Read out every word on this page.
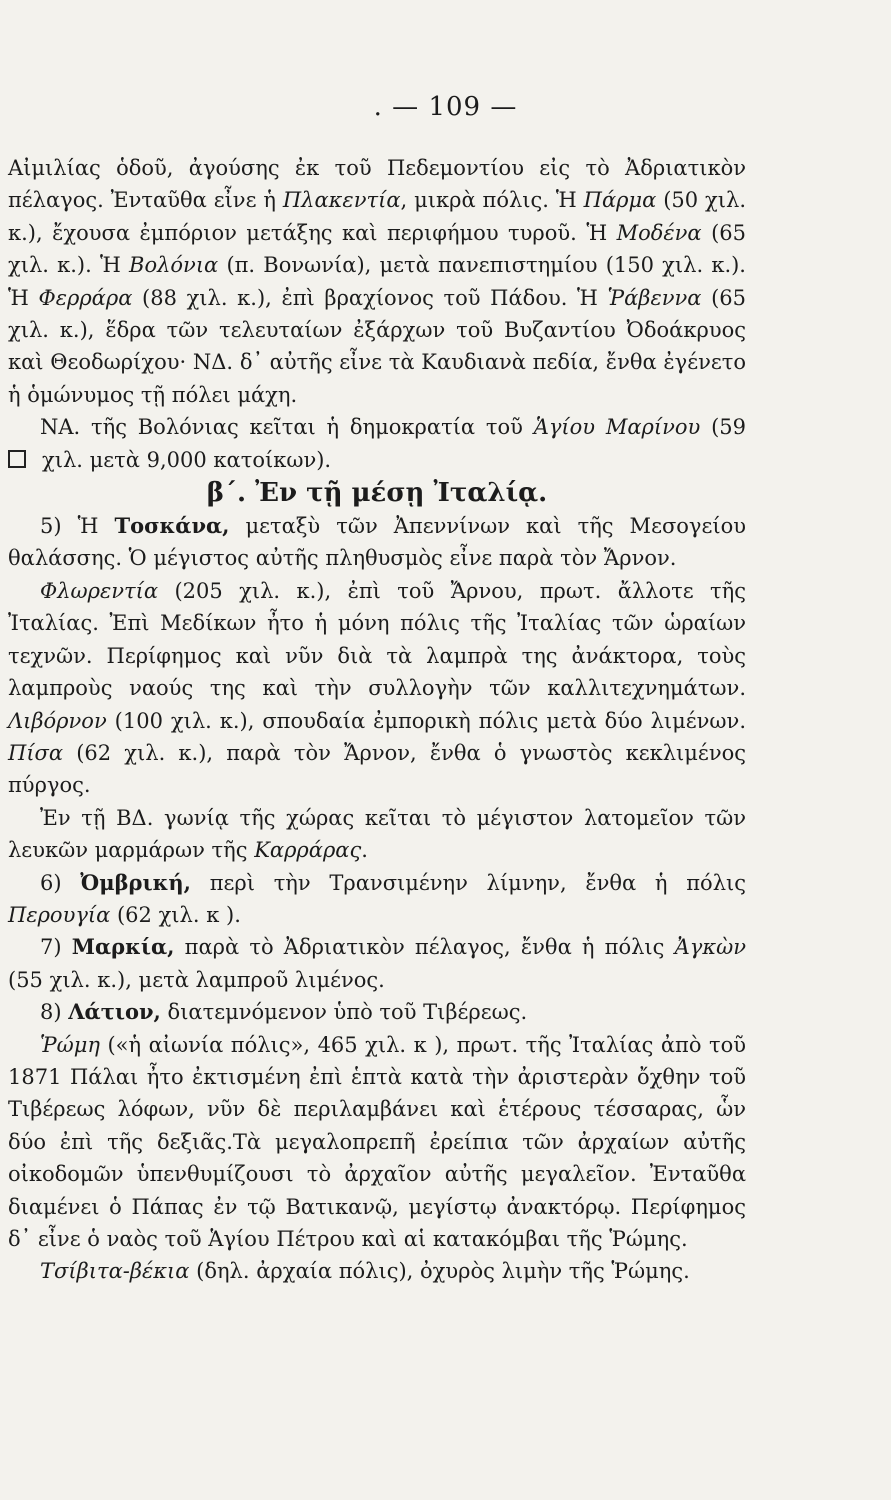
. — 109 —

Αἰμιλίας ὁδοῦ, ἀγούσης ἐκ τοῦ Πεδεμοντίου εἰς τὸ Ἀδριατικὸν πέλαγος. Ἐνταῦθα εἶνε ἡ Πλακεντία, μικρὰ πόλις. Ἡ Πάρμα (50 χιλ. κ.), ἔχουσα ἐμπόριον μετάξης καὶ περιφήμου τυροῦ. Ἡ Μοδένα (65 χιλ. κ.). Ἡ Βολόνια (π. Βονωνία), μετὰ πανεπιστημίου (150 χιλ. κ.). Ἡ Φερράρα (88 χιλ. κ.), ἐπὶ βραχίονος τοῦ Πάδου. Ἡ Ῥάβεννα (65 χιλ. κ.), ἕδρα τῶν τελευταίων ἐξάρχων τοῦ Βυζαντίου Ὀδοάκρυος καὶ Θεοδωρίχου· ΝΔ. δ᾽ αὐτῆς εἶνε τὰ Καυδιανὰ πεδία, ἔνθα ἐγένετο ἡ ὁμώνυμος τῇ πόλει μάχη.

ΝΑ. τῆς Βολόνιας κεῖται ἡ δημοκρατία τοῦ Ἁγίου Μαρίνου (59 χιλ. μετὰ 9,000 κατοίκων).

β´. Ἐν τῇ μέσῃ Ἰταλίᾳ.

5) Ἡ Τοσκάνα, μεταξὺ τῶν Ἀπεννίνων καὶ τῆς Μεσογείου θαλάσσης. Ὁ μέγιστος αὐτῆς πληθυσμὸς εἶνε παρὰ τὸν Ἄρνον.

Φλωρεντία (205 χιλ. κ.), ἐπὶ τοῦ Ἄρνου, πρωτ. ἄλλοτε τῆς Ἰταλίας. Ἐπὶ Μεδίκων ἦτο ἡ μόνη πόλις τῆς Ἰταλίας τῶν ὡραίων τεχνῶν. Περίφημος καὶ νῦν διὰ τὰ λαμπρὰ της ἀνάκτορα, τοὺς λαμπροὺς ναούς της καὶ τὴν συλλογὴν τῶν καλλιτεχνημάτων. Λιβόρνον (100 χιλ. κ.), σπουδαία ἐμπορικὴ πόλις μετὰ δύο λιμένων. Πίσα (62 χιλ. κ.), παρὰ τὸν Ἄρνον, ἔνθα ὁ γνωστὸς κεκλιμένος πύργος.

Ἐν τῇ ΒΔ. γωνίᾳ τῆς χώρας κεῖται τὸ μέγιστον λατομεῖον τῶν λευκῶν μαρμάρων τῆς Καρράρας.

6) Ὀμβρική, περὶ τὴν Τρανσιμένην λίμνην, ἔνθα ἡ πόλις Περουγία (62 χιλ. κ ).

7) Μαρκία, παρὰ τὸ Ἀδριατικὸν πέλαγος, ἔνθα ἡ πόλις Ἀγκὼν (55 χιλ. κ.), μετὰ λαμπροῦ λιμένος.

8) Λάτιον, διατεμνόμενον ὑπὸ τοῦ Τιβέρεως.

Ῥώμη («ἡ αἰωνία πόλις», 465 χιλ. κ ), πρωτ. τῆς Ἰταλίας ἀπὸ τοῦ 1871 Πάλαι ἦτο ἐκτισμένη ἐπὶ ἑπτὰ κατὰ τὴν ἀριστερὰν ὄχθην τοῦ Τιβέρεως λόφων, νῦν δὲ περιλαμβάνει καὶ ἑτέρους τέσσαρας, ὧν δύο ἐπὶ τῆς δεξιᾶς.Τὰ μεγαλοπρεπῆ ἐρείπια τῶν ἀρχαίων αὐτῆς οἰκοδομῶν ὑπενθυμίζουσι τὸ ἀρχαῖον αὐτῆς μεγαλεῖον. Ἐνταῦθα διαμένει ὁ Πάπας ἐν τῷ Βατικανῷ, μεγίστῳ ἀνακτόρῳ. Περίφημος δ᾽ εἶνε ὁ ναὸς τοῦ Ἁγίου Πέτρου καὶ αἱ κατακόμβαι τῆς Ῥώμης.

Τσίβιτα-βέκια (δηλ. ἀρχαία πόλις), ὀχυρὸς λιμὴν τῆς Ῥώμης.
